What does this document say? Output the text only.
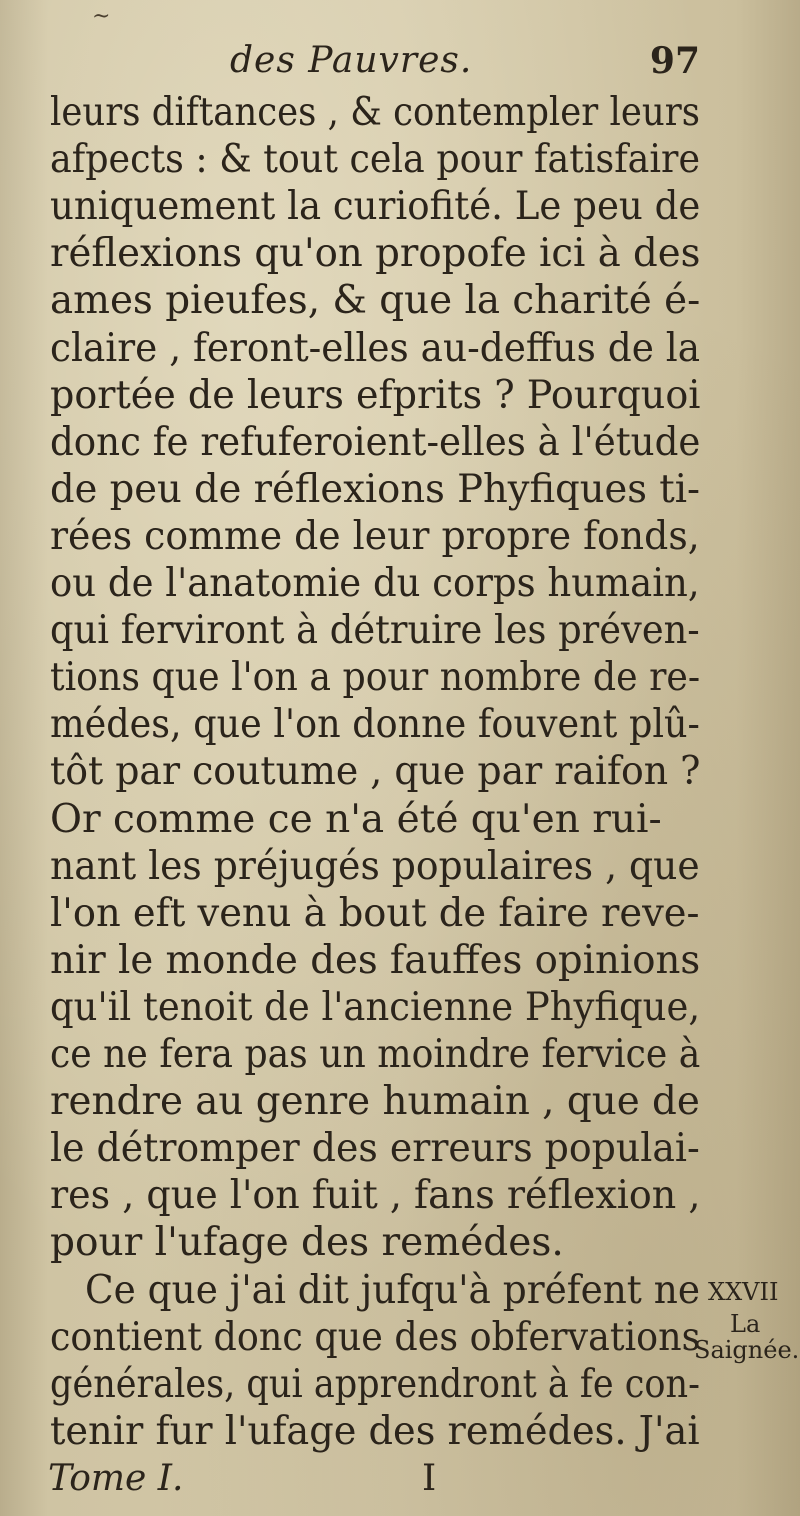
~
des Pauvres.	97
leurs diftances , & contempler leurs
afpects : & tout cela pour fatisfaire
uniquement la curiofité. Le peu de
réflexions qu'on propofe ici à des
ames pieufes, & que la charité é-
claire , feront-elles au-deffus de la
portée de leurs efprits ? Pourquoi
donc fe refuferoient-elles à l'étude
de peu de réflexions Phyfiques ti-
rées comme de leur propre fonds,
ou de l'anatomie du corps humain,
qui ferviront à détruire les préven-
tions que l'on a pour nombre de re-
médes, que l'on donne fouvent plû-
tôt par coutume , que par raifon ?
Or comme ce n'a été qu'en rui-
nant les préjugés populaires , que
l'on eft venu à bout de faire reve-
nir le monde des fauffes opinions
qu'il tenoit de l'ancienne Phyfique,
ce ne fera pas un moindre fervice à
rendre au genre humain , que de
le détromper des erreurs populai-
res , que l'on fuit , fans réflexion ,
pour l'ufage des remédes.
Ce que j'ai dit jufqu'à préfent ne
contient donc que des obfervations
générales, qui apprendront à fe con-
tenir fur l'ufage des remédes. J'ai
XXVII
La
Saignée.
Tome I.	I
